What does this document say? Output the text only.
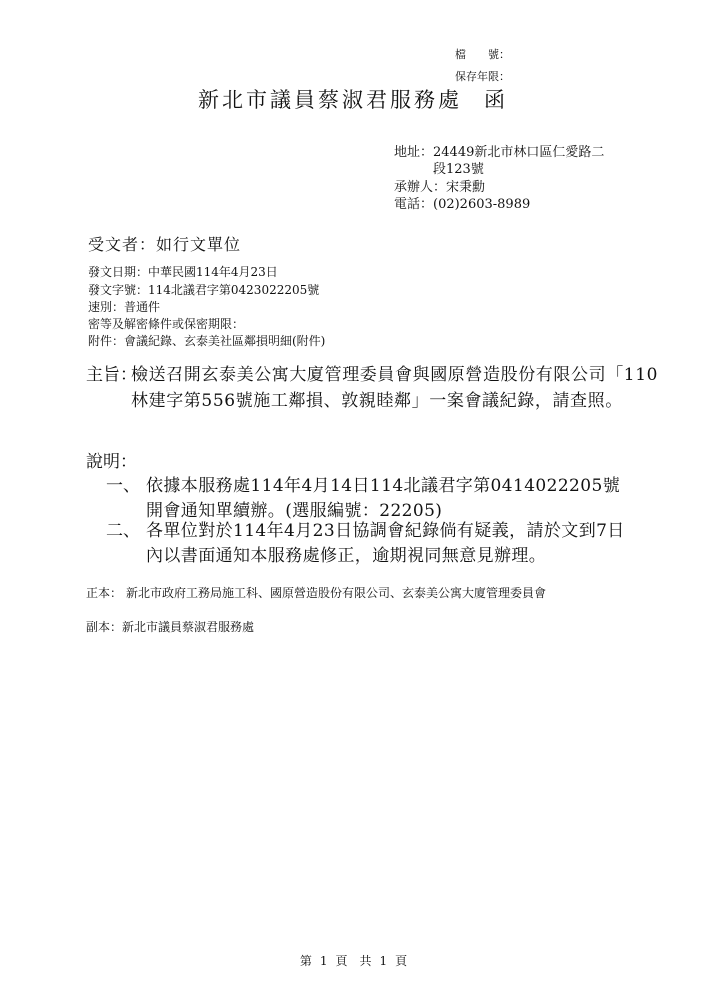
檔　　號：
保存年限：
新北市議員蔡淑君服務處 函
地址：24449新北市林口區仁愛路二
段123號
承辦人：宋秉勳
電話：(02)2603-8989
受文者：如行文單位
發文日期：中華民國114年4月23日
發文字號：114北議君字第0423022205號
速別：普通件
密等及解密條件或保密期限：
附件：會議紀錄、玄泰美社區鄰損明細(附件)
主旨：
檢送召開玄泰美公寓大廈管理委員會與國原營造股份有限公司「110林建字第556號施工鄰損、敦親睦鄰」一案會議紀錄，請查照。
說明：
一、 依據本服務處114年4月14日114北議君字第0414022205號開會通知單續辦。(選服編號：22205)
二、 各單位對於114年4月23日協調會紀錄倘有疑義，請於文到7日內以書面通知本服務處修正，逾期視同無意見辦理。
正本： 新北市政府工務局施工科、國原營造股份有限公司、玄泰美公寓大廈管理委員會
副本：新北市議員蔡淑君服務處
第 1 頁　共 1 頁
